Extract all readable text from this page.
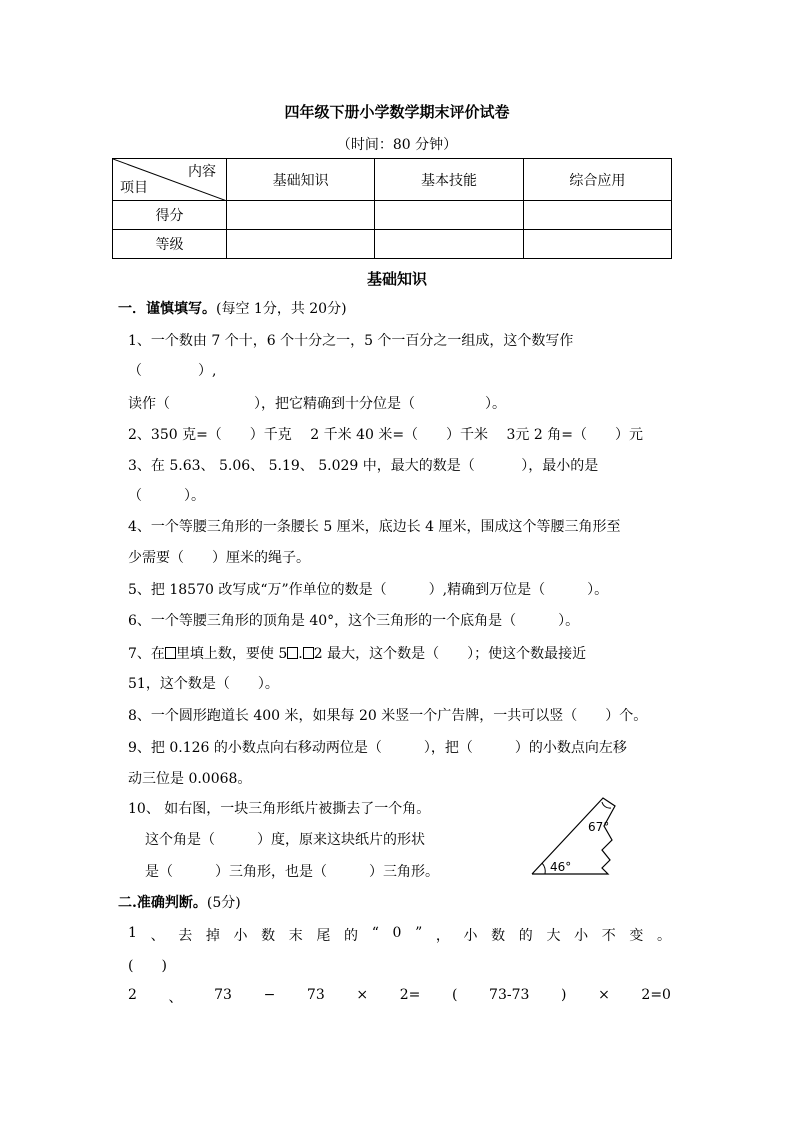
四年级下册小学数学期末评价试卷
（时间：80 分钟）
内容
项目	基础知识	基本技能	综合应用
得分			
等级			
基础知识
一．谨慎填写。(每空 1分，共 20分)
1、一个数由 7 个十，6 个十分之一，5 个一百分之一组成，这个数写作
（　　　　）,
读作（　　　　　　），把它精确到十分位是（　　　　　）。
2、350 克=（　　）千克　 2 千米 40 米=（　　）千米　 3元 2 角=（　　）元
3、在 5.63、 5.06、 5.19、 5.029 中，最大的数是（　　　 ），最小的是
（　　　）。
4、一个等腰三角形的一条腰长 5 厘米，底边长 4 厘米，围成这个等腰三角形至
少需要（　　）厘米的绳子。
5、把 18570 改写成“万”作单位的数是（　　　）,精确到万位是（　　　）。
6、一个等腰三角形的顶角是 40°，这个三角形的一个底角是（　　　）。
7、在 里填上数，要使 5 . 2 最大，这个数是（　　）；使这个数最接近
51，这个数是（　　）。
8、一个圆形跑道长 400 米，如果每 20 米竖一个广告牌，一共可以竖（　　）个。
9、把 0.126 的小数点向右移动两位是（　　　），把（　　　）的小数点向左移
动三位是 0.0068。
10、 如右图，一块三角形纸片被撕去了一个角。
这个角是（　　　）度，原来这块纸片的形状
是（　　　）三角形，也是（　　　）三角形。
67°
46°
二.准确判断。(5分)
1 、 去 掉 小 数 末 尾 的 “ 0 ” ， 小 数 的 大 小 不 变 。
(　　)
2 、 73 − 73 × 2= ( 73-73 ) × 2=0
